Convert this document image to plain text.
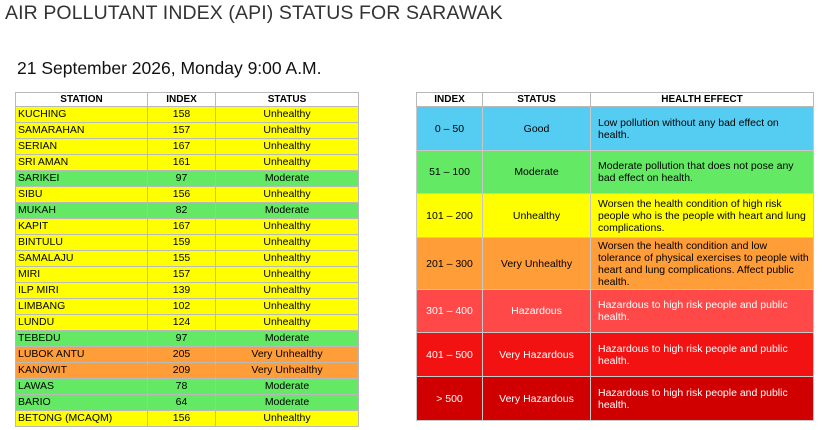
AIR POLLUTANT INDEX (API) STATUS FOR SARAWAK
21 September 2026, Monday 9:00 A.M.
STATION	INDEX	STATUS
KUCHING	158	Unhealthy
SAMARAHAN	157	Unhealthy
SERIAN	167	Unhealthy
SRI AMAN	161	Unhealthy
SARIKEI	97	Moderate
SIBU	156	Unhealthy
MUKAH	82	Moderate
KAPIT	167	Unhealthy
BINTULU	159	Unhealthy
SAMALAJU	155	Unhealthy
MIRI	157	Unhealthy
ILP MIRI	139	Unhealthy
LIMBANG	102	Unhealthy
LUNDU	124	Unhealthy
TEBEDU	97	Moderate
LUBOK ANTU	205	Very Unhealthy
KANOWIT	209	Very Unhealthy
LAWAS	78	Moderate
BARIO	64	Moderate
BETONG (MCAQM)	156	Unhealthy
INDEX	STATUS	HEALTH EFFECT
0 – 50	Good	Low pollution without any bad effect on health.
51 – 100	Moderate	Moderate pollution that does not pose any bad effect on health.
101 – 200	Unhealthy	Worsen the health condition of high risk people who is the people with heart and lung complications.
201 – 300	Very Unhealthy	Worsen the health condition and low tolerance of physical exercises to people with heart and lung complications. Affect public health.
301 – 400	Hazardous	Hazardous to high risk people and public health.
401 – 500	Very Hazardous	Hazardous to high risk people and public health.
> 500	Very Hazardous	Hazardous to high risk people and public health.
